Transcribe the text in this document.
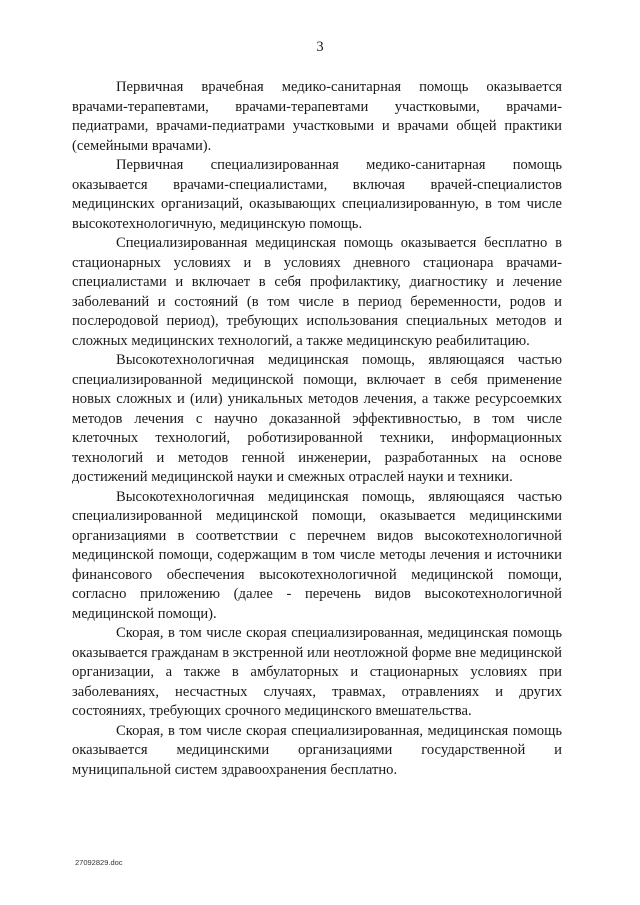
3

Первичная врачебная медико-санитарная помощь оказывается врачами-терапевтами, врачами-терапевтами участковыми, врачами-педиатрами, врачами-педиатрами участковыми и врачами общей практики (семейными врачами).

Первичная специализированная медико-санитарная помощь оказывается врачами-специалистами, включая врачей-специалистов медицинских организаций, оказывающих специализированную, в том числе высокотехнологичную, медицинскую помощь.

Специализированная медицинская помощь оказывается бесплатно в стационарных условиях и в условиях дневного стационара врачами-специалистами и включает в себя профилактику, диагностику и лечение заболеваний и состояний (в том числе в период беременности, родов и послеродовой период), требующих использования специальных методов и сложных медицинских технологий, а также медицинскую реабилитацию.

Высокотехнологичная медицинская помощь, являющаяся частью специализированной медицинской помощи, включает в себя применение новых сложных и (или) уникальных методов лечения, а также ресурсоемких методов лечения с научно доказанной эффективностью, в том числе клеточных технологий, роботизированной техники, информационных технологий и методов генной инженерии, разработанных на основе достижений медицинской науки и смежных отраслей науки и техники.

Высокотехнологичная медицинская помощь, являющаяся частью специализированной медицинской помощи, оказывается медицинскими организациями в соответствии с перечнем видов высокотехнологичной медицинской помощи, содержащим в том числе методы лечения и источники финансового обеспечения высокотехнологичной медицинской помощи, согласно приложению (далее - перечень видов высокотехнологичной медицинской помощи).

Скорая, в том числе скорая специализированная, медицинская помощь оказывается гражданам в экстренной или неотложной форме вне медицинской организации, а также в амбулаторных и стационарных условиях при заболеваниях, несчастных случаях, травмах, отравлениях и других состояниях, требующих срочного медицинского вмешательства.

Скорая, в том числе скорая специализированная, медицинская помощь оказывается медицинскими организациями государственной и муниципальной систем здравоохранения бесплатно.

27092829.doc
